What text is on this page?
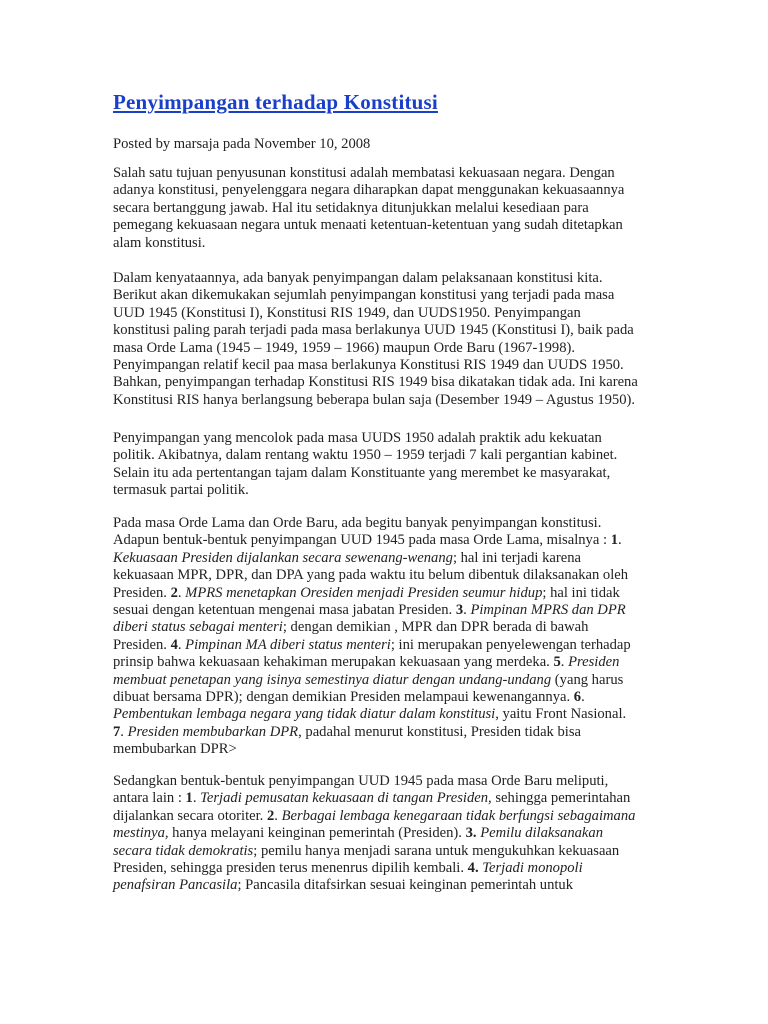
Penyimpangan terhadap Konstitusi

Posted by marsaja pada November 10, 2008

Salah satu tujuan penyusunan konstitusi adalah membatasi kekuasaan negara. Dengan
adanya konstitusi, penyelenggara negara diharapkan dapat menggunakan kekuasaannya
secara bertanggung jawab. Hal itu setidaknya ditunjukkan melalui kesediaan para
pemegang kekuasaan negara untuk menaati ketentuan-ketentuan yang sudah ditetapkan
alam konstitusi.
Dalam kenyataannya, ada banyak penyimpangan dalam pelaksanaan konstitusi kita.
Berikut akan dikemukakan sejumlah penyimpangan konstitusi yang terjadi pada masa
UUD 1945 (Konstitusi I), Konstitusi RIS 1949, dan UUDS1950. Penyimpangan
konstitusi paling parah terjadi pada masa berlakunya UUD 1945 (Konstitusi I), baik pada
masa Orde Lama (1945 – 1949, 1959 – 1966) maupun Orde Baru (1967-1998).
Penyimpangan relatif kecil paa masa berlakunya Konstitusi RIS 1949 dan UUDS 1950.
Bahkan, penyimpangan terhadap Konstitusi RIS 1949 bisa dikatakan tidak ada. Ini karena
Konstitusi RIS hanya berlangsung beberapa bulan saja (Desember 1949 – Agustus 1950).
Penyimpangan yang mencolok pada masa UUDS 1950 adalah praktik adu kekuatan
politik. Akibatnya, dalam rentang waktu 1950 – 1959 terjadi 7 kali pergantian kabinet.
Selain itu ada pertentangan tajam dalam Konstituante yang merembet ke masyarakat,
termasuk partai politik.
Pada masa Orde Lama dan Orde Baru, ada begitu banyak penyimpangan konstitusi.
Adapun bentuk-bentuk penyimpangan UUD 1945 pada masa Orde Lama, misalnya : 1.
Kekuasaan Presiden dijalankan secara sewenang-wenang; hal ini terjadi karena
kekuasaan MPR, DPR, dan DPA yang pada waktu itu belum dibentuk dilaksanakan oleh
Presiden. 2. MPRS menetapkan Oresiden menjadi Presiden seumur hidup; hal ini tidak
sesuai dengan ketentuan mengenai masa jabatan Presiden. 3. Pimpinan MPRS dan DPR
diberi status sebagai menteri; dengan demikian , MPR dan DPR berada di bawah
Presiden. 4. Pimpinan MA diberi status menteri; ini merupakan penyelewengan terhadap
prinsip bahwa kekuasaan kehakiman merupakan kekuasaan yang merdeka. 5. Presiden
membuat penetapan yang isinya semestinya diatur dengan undang-undang (yang harus
dibuat bersama DPR); dengan demikian Presiden melampaui kewenangannya. 6.
Pembentukan lembaga negara yang tidak diatur dalam konstitusi, yaitu Front Nasional.
7. Presiden membubarkan DPR, padahal menurut konstitusi, Presiden tidak bisa
membubarkan DPR>
Sedangkan bentuk-bentuk penyimpangan UUD 1945 pada masa Orde Baru meliputi,
antara lain : 1. Terjadi pemusatan kekuasaan di tangan Presiden, sehingga pemerintahan
dijalankan secara otoriter. 2. Berbagai lembaga kenegaraan tidak berfungsi sebagaimana
mestinya, hanya melayani keinginan pemerintah (Presiden). 3. Pemilu dilaksanakan
secara tidak demokratis; pemilu hanya menjadi sarana untuk mengukuhkan kekuasaan
Presiden, sehingga presiden terus menenrus dipilih kembali. 4. Terjadi monopoli
penafsiran Pancasila; Pancasila ditafsirkan sesuai keinginan pemerintah untuk
